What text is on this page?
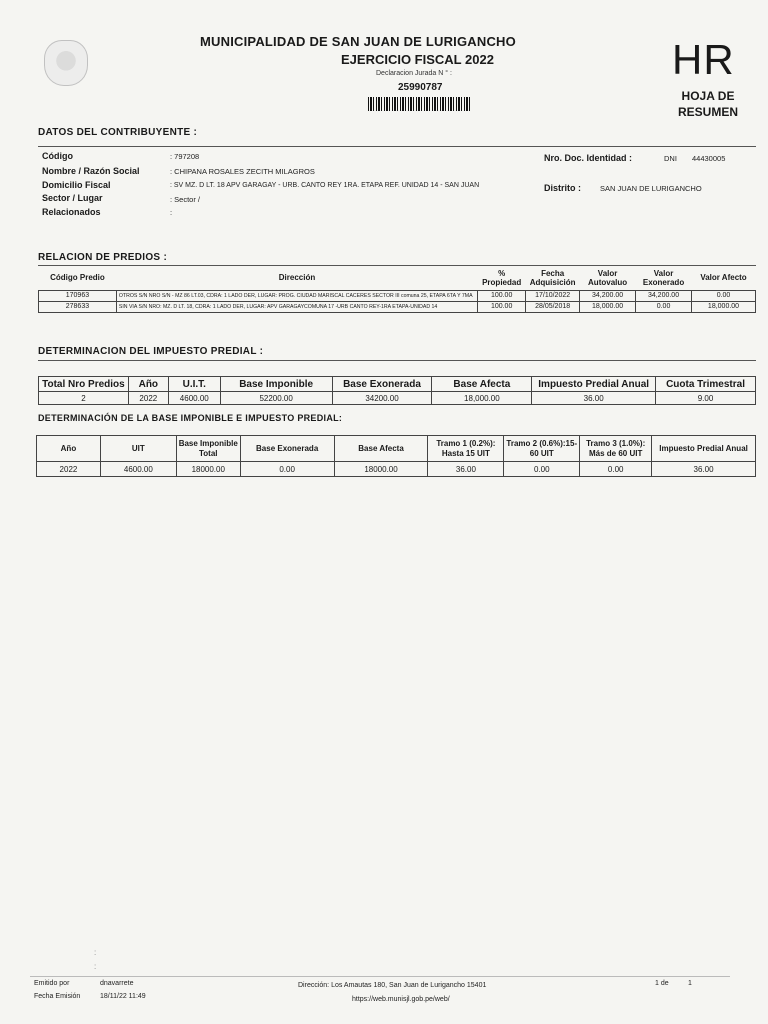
MUNICIPALIDAD DE SAN JUAN DE LURIGANCHO
EJERCICIO FISCAL 2022
Declaracion Jurada N ° :
25990787
HR
HOJA DE
RESUMEN
DATOS DEL CONTRIBUYENTE :
Código	: 797208	Nro. Doc. Identidad :	DNI 44430005
Nombre / Razón Social	: CHIPANA ROSALES ZECITH MILAGROS
Domicilio Fiscal	: SV MZ. D LT. 18 APV GARAGAY - URB. CANTO REY 1RA. ETAPA REF. UNIDAD 14 - SAN JUAN	Distrito :	SAN JUAN DE LURIGANCHO
Sector / Lugar	: Sector /
Relacionados	:
RELACION DE PREDIOS :
Código Predio	Dirección	% Propiedad	Fecha Adquisición	Valor Autovaluo	Valor Exonerado	Valor Afecto
170963	OTROS S/N NRO S/N - MZ 86 LT.03, CDRA: 1 LADO DER, LUGAR: PROG. CIUDAD MARISCAL CACERES SECTOR III comuna 25, ETAPA 6TA Y 7MA	100.00	17/10/2022	34,200.00	34,200.00	0.00
278633	SIN VIA S/N NRO: MZ. D LT. 18, CDRA: 1 LADO DER, LUGAR: APV GARAGAYCOMUNA 17 -URB CANTO REY-1RA ETAPA-UNIDAD 14	100.00	28/05/2018	18,000.00	0.00	18,000.00
DETERMINACION DEL IMPUESTO PREDIAL :
Total Nro Predios	Año	U.I.T.	Base Imponible	Base Exonerada	Base Afecta	Impuesto Predial Anual	Cuota Trimestral
2	2022	4600.00	52200.00	34200.00	18,000.00	36.00	9.00
DETERMINACIÓN DE LA BASE IMPONIBLE E IMPUESTO PREDIAL:
Año	UIT	Base Imponible Total	Base Exonerada	Base Afecta	Tramo 1 (0.2%): Hasta 15 UIT	Tramo 2 (0.6%):15-60 UIT	Tramo 3 (1.0%): Más de 60 UIT	Impuesto Predial Anual
2022	4600.00	18000.00	0.00	18000.00	36.00	0.00	0.00	36.00
:
:
Emitido por	dnavarrete
Fecha Emisión	18/11/22 11:49
Dirección: Los Amautas 180, San Juan de Lurigancho 15401
https://web.munisjl.gob.pe/web/
1 de	1
